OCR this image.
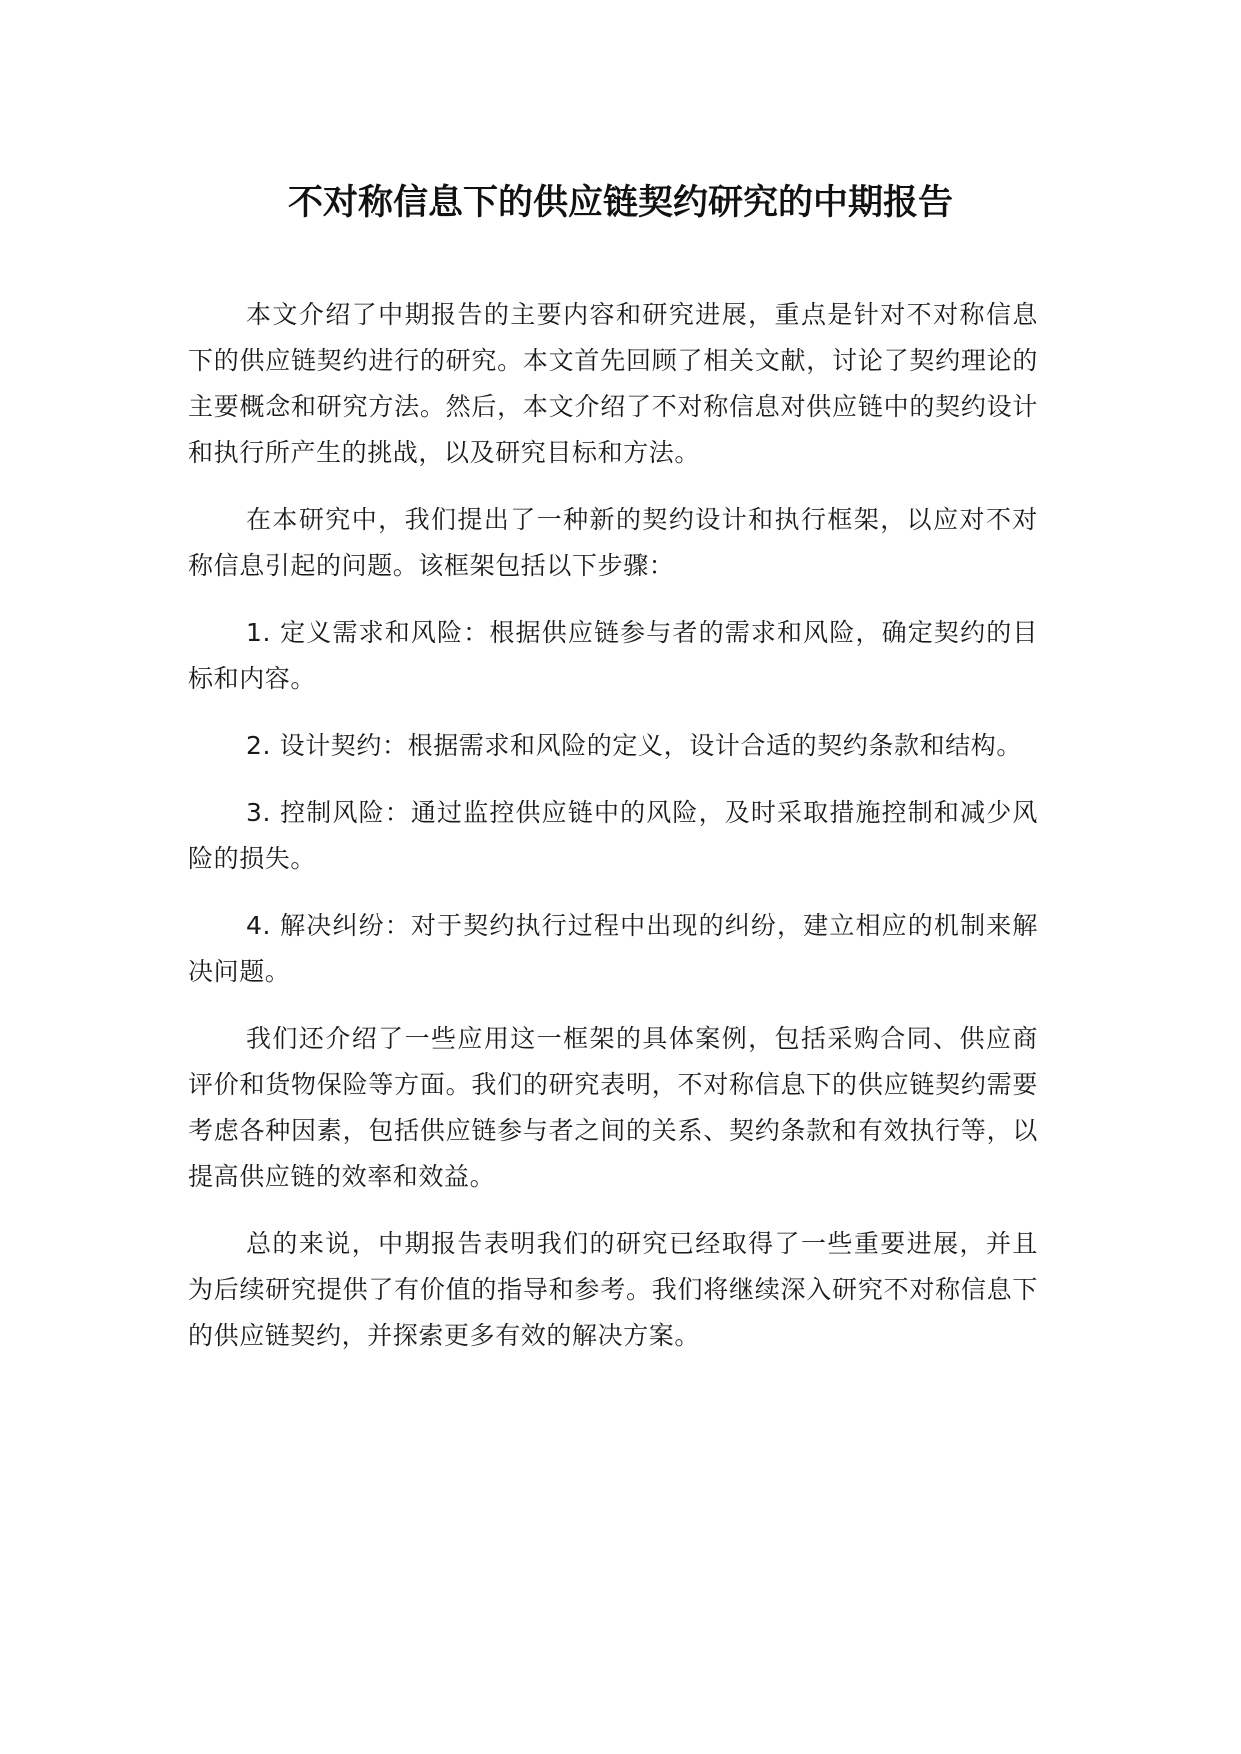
不对称信息下的供应链契约研究的中期报告

本文介绍了中期报告的主要内容和研究进展，重点是针对不对称信息下的供应链契约进行的研究。本文首先回顾了相关文献，讨论了契约理论的主要概念和研究方法。然后，本文介绍了不对称信息对供应链中的契约设计和执行所产生的挑战，以及研究目标和方法。

在本研究中，我们提出了一种新的契约设计和执行框架，以应对不对称信息引起的问题。该框架包括以下步骤：

1. 定义需求和风险：根据供应链参与者的需求和风险，确定契约的目标和内容。

2. 设计契约：根据需求和风险的定义，设计合适的契约条款和结构。

3. 控制风险：通过监控供应链中的风险，及时采取措施控制和减少风险的损失。

4. 解决纠纷：对于契约执行过程中出现的纠纷，建立相应的机制来解决问题。

我们还介绍了一些应用这一框架的具体案例，包括采购合同、供应商评价和货物保险等方面。我们的研究表明，不对称信息下的供应链契约需要考虑各种因素，包括供应链参与者之间的关系、契约条款和有效执行等，以提高供应链的效率和效益。

总的来说，中期报告表明我们的研究已经取得了一些重要进展，并且为后续研究提供了有价值的指导和参考。我们将继续深入研究不对称信息下的供应链契约，并探索更多有效的解决方案。
